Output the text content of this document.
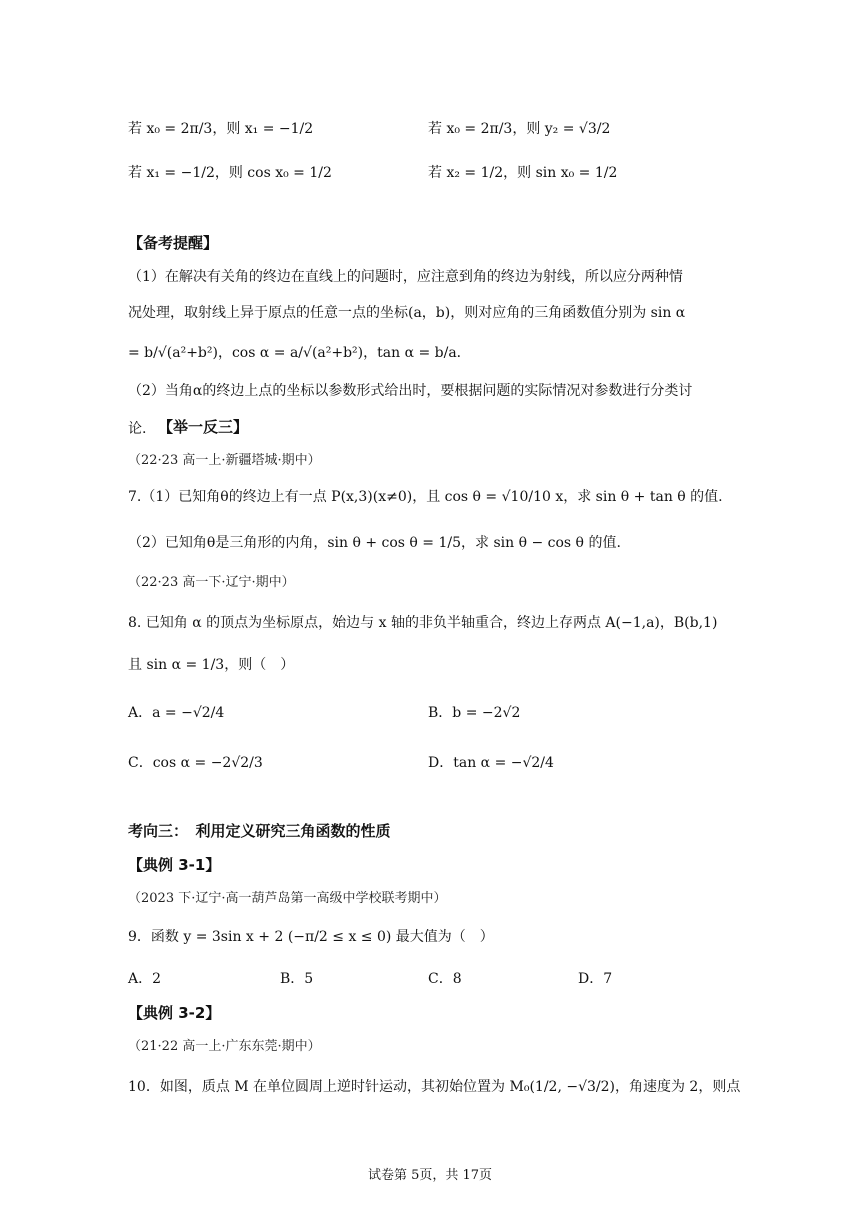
若 x₀ = 2π/3，则 x₁ = −1/2	若 x₀ = 2π/3，则 y₂ = √3/2
若 x₁ = −1/2，则 cos x₀ = 1/2	若 x₂ = 1/2，则 sin x₀ = 1/2
【备考提醒】
（1）在解决有关角的终边在直线上的问题时，应注意到角的终边为射线，所以应分两种情
况处理，取射线上异于原点的任意一点的坐标(a，b)，则对应角的三角函数值分别为 sin α
= b/√(a²+b²)，cos α = a/√(a²+b²)，tan α = b/a．
（2）当角α的终边上点的坐标以参数形式给出时，要根据问题的实际情况对参数进行分类讨
论. 【举一反三】
（22·23 高一上·新疆塔城·期中）
7.（1）已知角θ的终边上有一点 P(x,3)(x≠0)，且 cos θ = √10/10 x，求 sin θ + tan θ 的值.
（2）已知角θ是三角形的内角，sin θ + cos θ = 1/5，求 sin θ − cos θ 的值.
（22·23 高一下·辽宁·期中）
8. 已知角 α 的顶点为坐标原点，始边与 x 轴的非负半轴重合，终边上存两点 A(−1,a)，B(b,1)
且 sin α = 1/3，则（　）
A．a = −√2/4	B．b = −2√2
C．cos α = −2√2/3	D．tan α = −√2/4
考向三：　利用定义研究三角函数的性质
【典例 3-1】
（2023 下·辽宁·高一葫芦岛第一高级中学校联考期中）
9．函数 y = 3sin x + 2 (−π/2 ≤ x ≤ 0) 最大值为（　）
A．2	B．5	C．8	D．7
【典例 3-2】
（21·22 高一上·广东东莞·期中）
10．如图，质点 M 在单位圆周上逆时针运动，其初始位置为 M₀(1/2, −√3/2)，角速度为 2，则点
试卷第 5页，共 17页
